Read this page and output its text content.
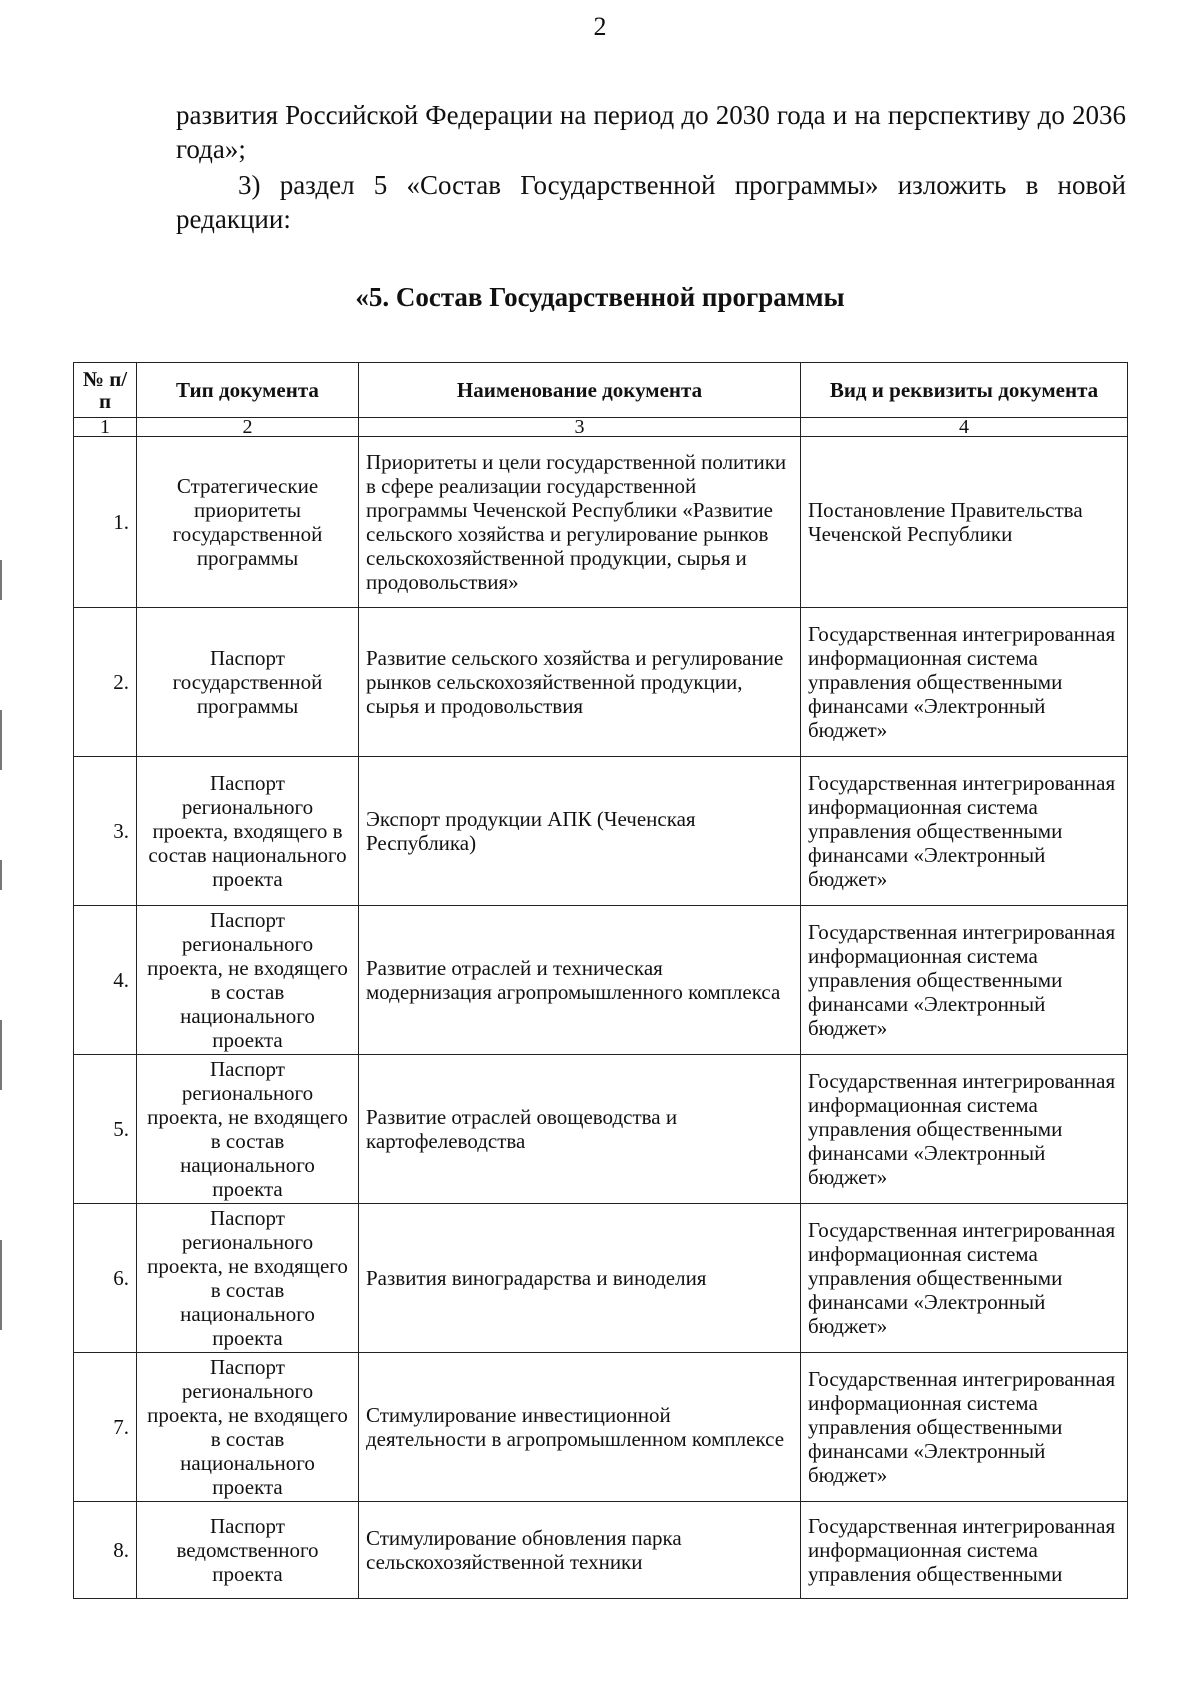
2

развития Российской Федерации на период до 2030 года и на перспективу до 2036 года»;

3) раздел 5 «Состав Государственной программы» изложить в новой редакции:

«5. Состав Государственной программы
№ п/п	Тип документа	Наименование документа	Вид и реквизиты документа
1	2	3	4
1.	Стратегические приоритеты государственной программы	Приоритеты и цели государственной политики в сфере реализации государственной программы Чеченской Республики «Развитие сельского хозяйства и регулирование рынков сельскохозяйственной продукции, сырья и продовольствия»	Постановление Правительства Чеченской Республики
2.	Паспорт государственной программы	Развитие сельского хозяйства и регулирование рынков сельскохозяйственной продукции, сырья и продовольствия	Государственная интегрированная информационная система управления общественными финансами «Электронный бюджет»
3.	Паспорт регионального проекта, входящего в состав национального проекта	Экспорт продукции АПК (Чеченская Республика)	Государственная интегрированная информационная система управления общественными финансами «Электронный бюджет»
4.	Паспорт регионального проекта, не входящего в состав национального проекта	Развитие отраслей и техническая модернизация агропромышленного комплекса	Государственная интегрированная информационная система управления общественными финансами «Электронный бюджет»
5.	Паспорт регионального проекта, не входящего в состав национального проекта	Развитие отраслей овощеводства и картофелеводства	Государственная интегрированная информационная система управления общественными финансами «Электронный бюджет»
6.	Паспорт регионального проекта, не входящего в состав национального проекта	Развития виноградарства и виноделия	Государственная интегрированная информационная система управления общественными финансами «Электронный бюджет»
7.	Паспорт регионального проекта, не входящего в состав национального проекта	Стимулирование инвестиционной деятельности в агропромышленном комплексе	Государственная интегрированная информационная система управления общественными финансами «Электронный бюджет»
8.	Паспорт ведомственного проекта	Стимулирование обновления парка сельскохозяйственной техники	Государственная интегрированная информационная система управления общественными
